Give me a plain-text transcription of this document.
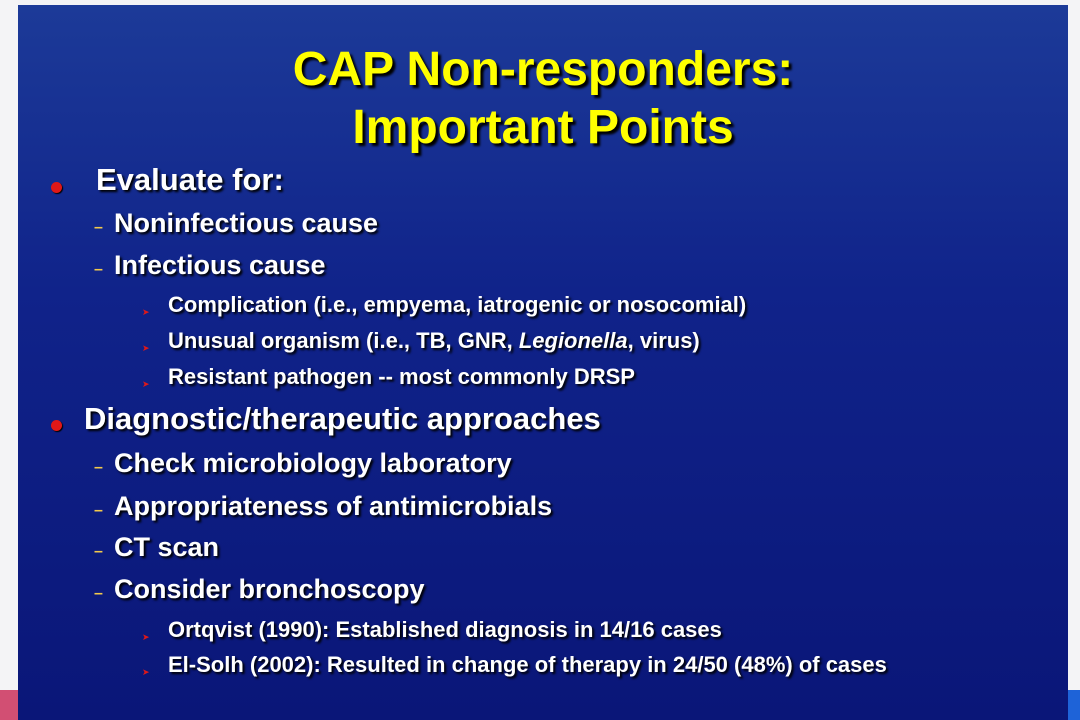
CAP Non-responders:
Important Points
Evaluate for:
– Noninfectious cause
– Infectious cause
➤ Complication (i.e., empyema, iatrogenic or nosocomial)
➤ Unusual organism (i.e., TB, GNR, Legionella, virus)
➤ Resistant pathogen -- most commonly DRSP
Diagnostic/therapeutic approaches
– Check microbiology laboratory
– Appropriateness of antimicrobials
– CT scan
– Consider bronchoscopy
➤ Ortqvist (1990): Established diagnosis in 14/16 cases
➤ El-Solh (2002): Resulted in change of therapy in 24/50 (48%) of cases
